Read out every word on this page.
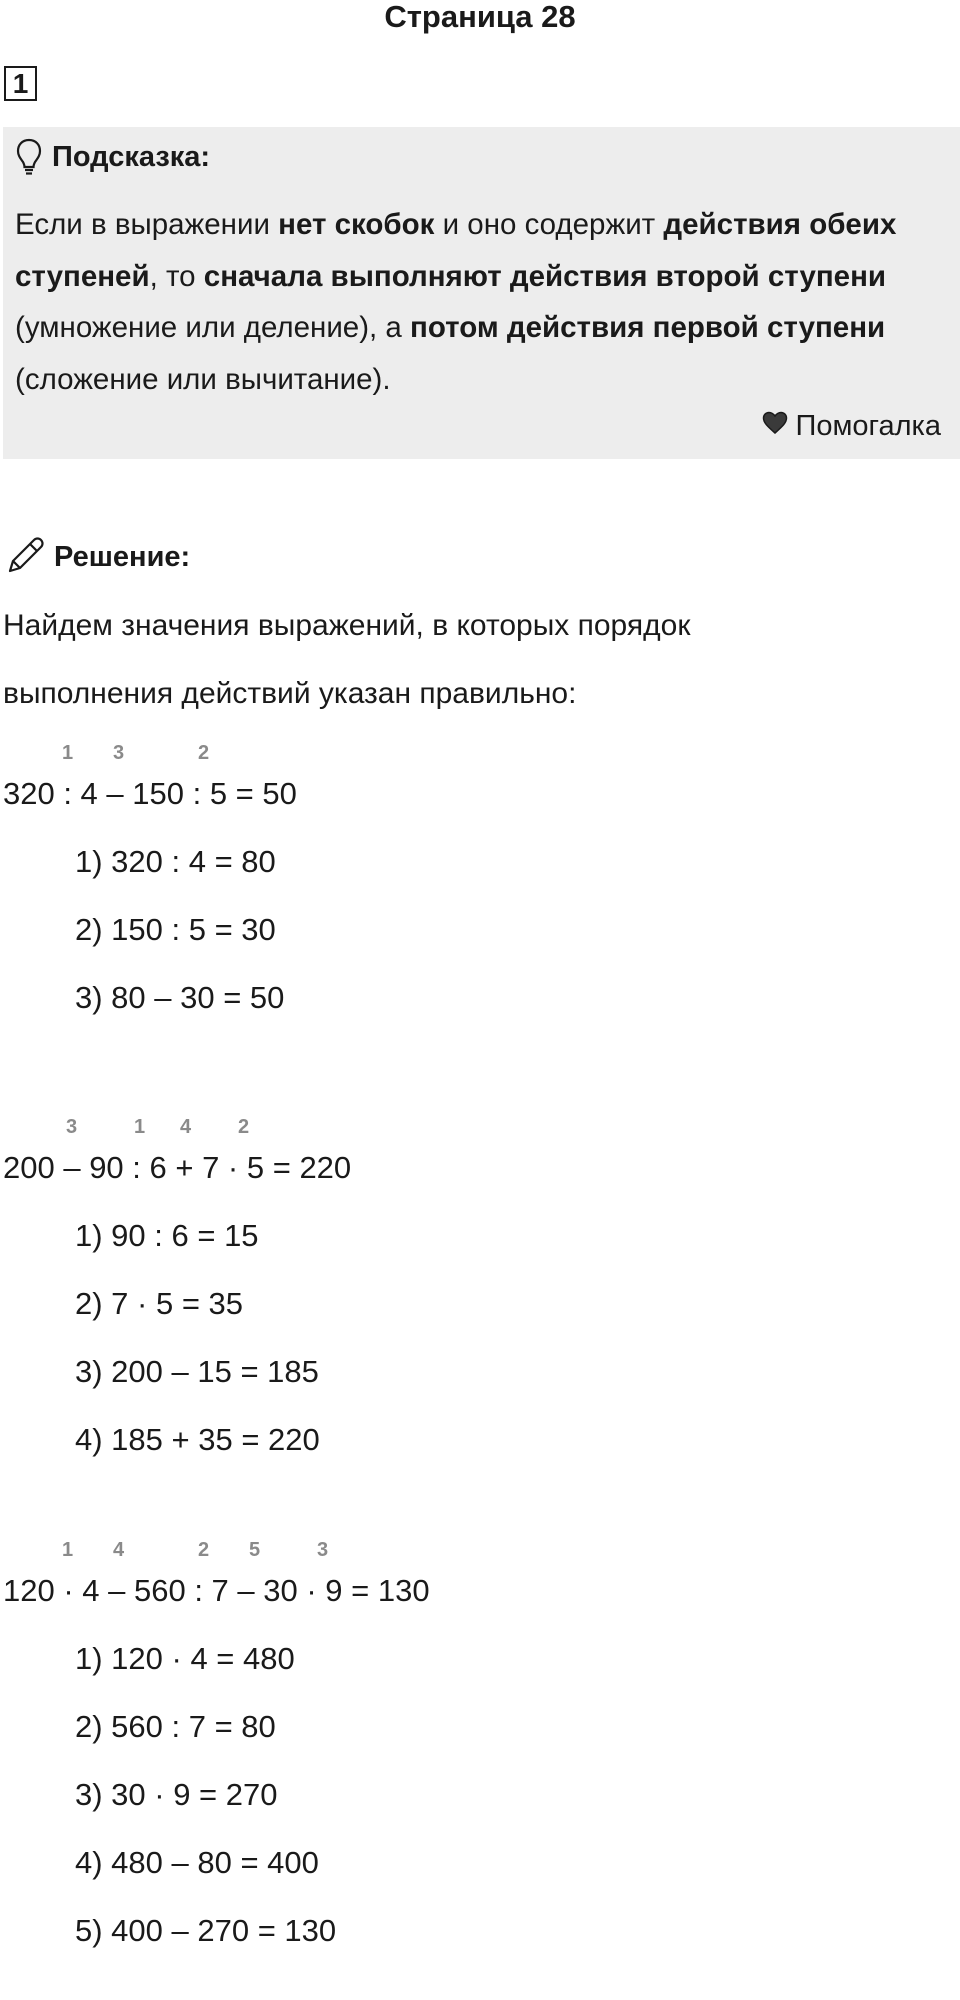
Страница 28
1
Подсказка:

Если в выражении нет скобок и оно содержит действия обеих ступеней, то сначала выполняют действия второй ступени (умножение или деление), а потом действия первой ступени (сложение или вычитание).

Помогалка
Решение:

Найдем значения выражений, в которых порядок

выполнения действий указан правильно:

1 3	2
320 : 4 – 150 : 5 = 50
1) 320 : 4 = 80
2) 150 : 5 = 30
3) 80 – 30 = 50
3	1 4 2
200 – 90 : 6 + 7 · 5 = 220
1) 90 : 6 = 15
2) 7 · 5 = 35
3) 200 – 15 = 185
4) 185 + 35 = 220
1 4	2 5	3
120 · 4 – 560 : 7 – 30 · 9 = 130
1) 120 · 4 = 480
2) 560 : 7 = 80
3) 30 · 9 = 270
4) 480 – 80 = 400
5) 400 – 270 = 130
